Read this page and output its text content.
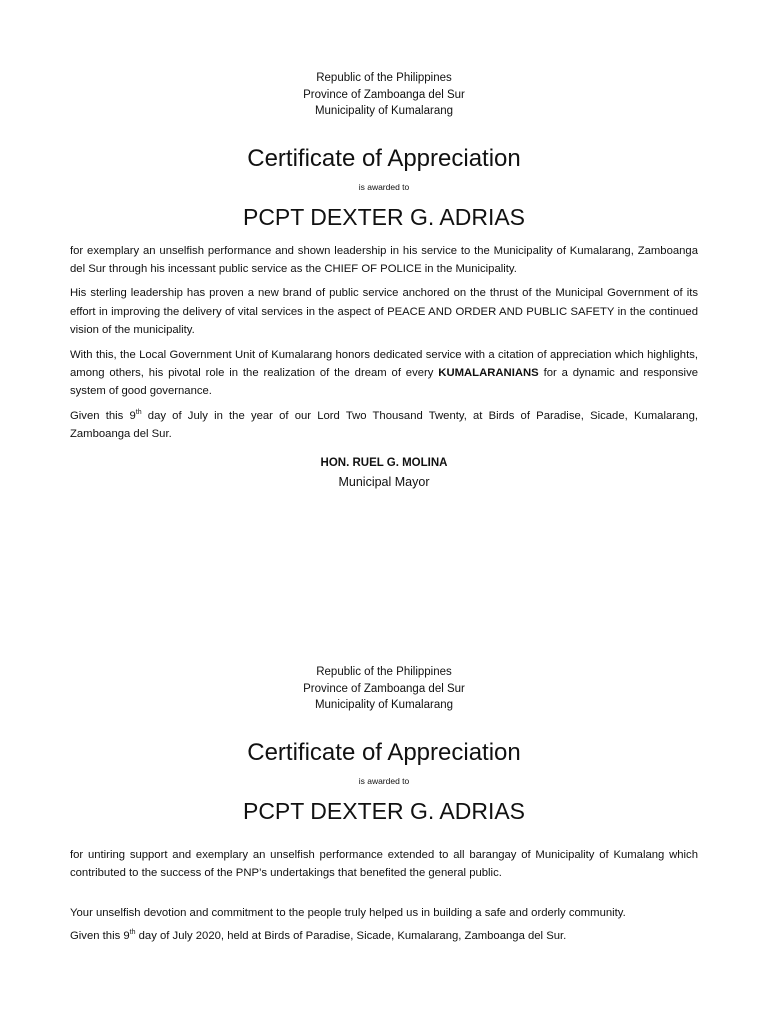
Republic of the Philippines
Province of Zamboanga del Sur
Municipality of Kumalarang
Certificate of Appreciation
is awarded to
PCPT DEXTER G. ADRIAS

for exemplary an unselfish performance and shown leadership in his service to the Municipality of Kumalarang, Zamboanga del Sur through his incessant public service as the CHIEF OF POLICE in the Municipality.

His sterling leadership has proven a new brand of public service anchored on the thrust of the Municipal Government of its effort in improving the delivery of vital services in the aspect of PEACE AND ORDER AND PUBLIC SAFETY in the continued vision of the municipality.

With this, the Local Government Unit of Kumalarang honors dedicated service with a citation of appreciation which highlights, among others, his pivotal role in the realization of the dream of every KUMALARANIANS for a dynamic and responsive system of good governance.

Given this 9th day of July in the year of our Lord Two Thousand Twenty, at Birds of Paradise, Sicade, Kumalarang, Zamboanga del Sur.

HON. RUEL G. MOLINA
Municipal Mayor
Republic of the Philippines
Province of Zamboanga del Sur
Municipality of Kumalarang
Certificate of Appreciation
is awarded to
PCPT DEXTER G. ADRIAS

for untiring support and exemplary an unselfish performance extended to all barangay of Municipality of Kumalang which contributed to the success of the PNP’s undertakings that benefited the general public.

Your unselfish devotion and commitment to the people truly helped us in building a safe and orderly community.

Given this 9th day of July 2020, held at Birds of Paradise, Sicade, Kumalarang, Zamboanga del Sur.
